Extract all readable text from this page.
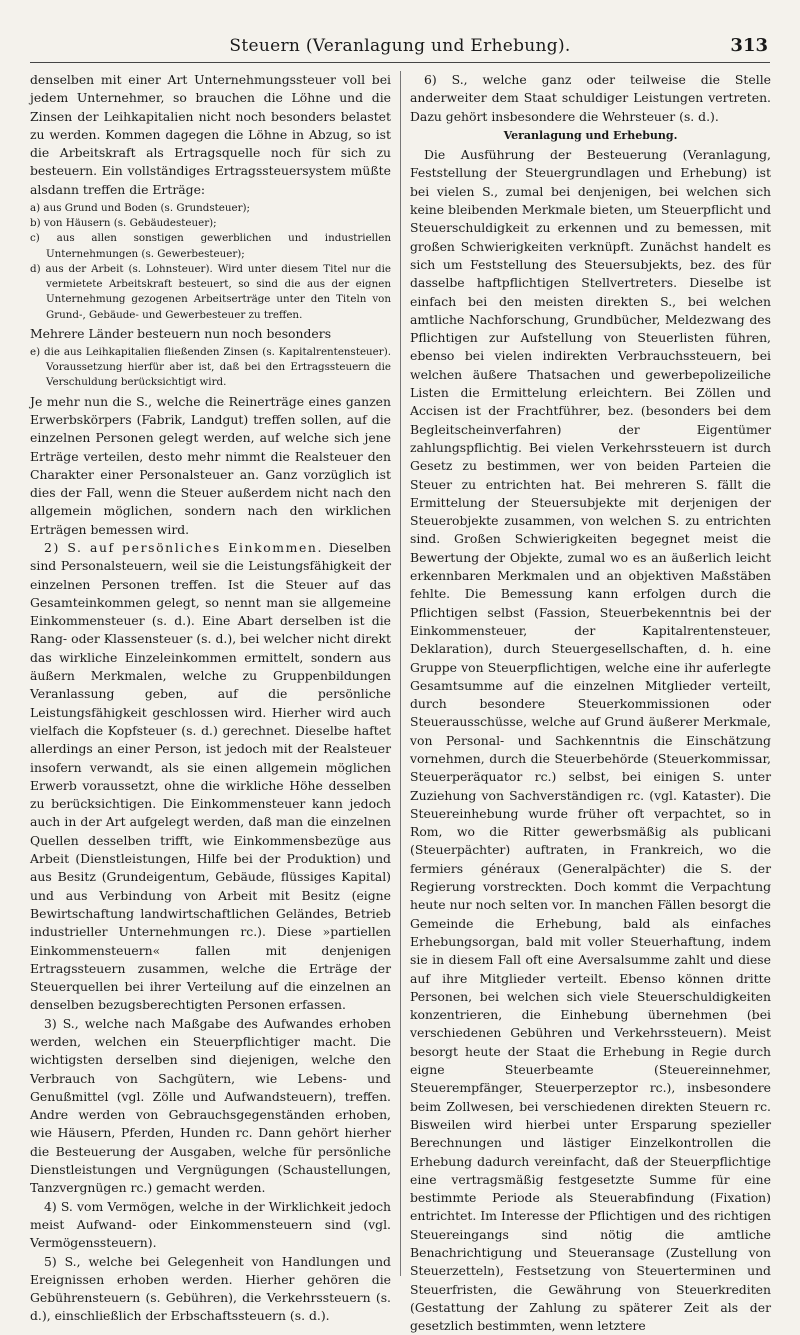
Steuern (Veranlagung und Erhebung).	313

denselben mit einer Art Unternehmungssteuer voll bei jedem Unternehmer, so brauchen die Löhne und die Zinsen der Leihkapitalien nicht noch besonders belastet zu werden. Kommen dagegen die Löhne in Abzug, so ist die Arbeitskraft als Ertragsquelle noch für sich zu besteuern. Ein vollständiges Ertragssteuersystem müßte alsdann treffen die Erträge:

a) aus Grund und Boden (s. Grundsteuer);
b) von Häusern (s. Gebäudesteuer);
c) aus allen sonstigen gewerblichen und industriellen Unternehmungen (s. Gewerbesteuer);
d) aus der Arbeit (s. Lohnsteuer). Wird unter diesem Titel nur die vermietete Arbeitskraft besteuert, so sind die aus der eignen Unternehmung gezogenen Arbeitserträge unter den Titeln von Grund-, Gebäude- und Gewerbesteuer zu treffen.

Mehrere Länder besteuern nun noch besonders

e) die aus Leihkapitalien fließenden Zinsen (s. Kapitalrentensteuer). Voraussetzung hierfür aber ist, daß bei den Ertragssteuern die Verschuldung berücksichtigt wird.

Je mehr nun die S., welche die Reinerträge eines ganzen Erwerbskörpers (Fabrik, Landgut) treffen sollen, auf die einzelnen Personen gelegt werden, auf welche sich jene Erträge verteilen, desto mehr nimmt die Realsteuer den Charakter einer Personalsteuer an. Ganz vorzüglich ist dies der Fall, wenn die Steuer außerdem nicht nach den allgemein möglichen, sondern nach den wirklichen Erträgen bemessen wird.

2) S. auf persönliches Einkommen. Dieselben sind Personalsteuern, weil sie die Leistungsfähigkeit der einzelnen Personen treffen. Ist die Steuer auf das Gesamteinkommen gelegt, so nennt man sie allgemeine Einkommensteuer (s. d.). Eine Abart derselben ist die Rang- oder Klassensteuer (s. d.), bei welcher nicht direkt das wirkliche Einzeleinkommen ermittelt, sondern aus äußern Merkmalen, welche zu Gruppenbildungen Veranlassung geben, auf die persönliche Leistungsfähigkeit geschlossen wird. Hierher wird auch vielfach die Kopfsteuer (s. d.) gerechnet. Dieselbe haftet allerdings an einer Person, ist jedoch mit der Realsteuer insofern verwandt, als sie einen allgemein möglichen Erwerb voraussetzt, ohne die wirkliche Höhe desselben zu berücksichtigen. Die Einkommensteuer kann jedoch auch in der Art aufgelegt werden, daß man die einzelnen Quellen desselben trifft, wie Einkommensbezüge aus Arbeit (Dienstleistungen, Hilfe bei der Produktion) und aus Besitz (Grundeigentum, Gebäude, flüssiges Kapital) und aus Verbindung von Arbeit mit Besitz (eigne Bewirtschaftung landwirtschaftlichen Geländes, Betrieb industrieller Unternehmungen rc.). Diese »partiellen Einkommensteuern« fallen mit denjenigen Ertragssteuern zusammen, welche die Erträge der Steuerquellen bei ihrer Verteilung auf die einzelnen an denselben bezugsberechtigten Personen erfassen.

3) S., welche nach Maßgabe des Aufwandes erhoben werden, welchen ein Steuerpflichtiger macht. Die wichtigsten derselben sind diejenigen, welche den Verbrauch von Sachgütern, wie Lebens- und Genußmittel (vgl. Zölle und Aufwandsteuern), treffen. Andre werden von Gebrauchsgegenständen erhoben, wie Häusern, Pferden, Hunden rc. Dann gehört hierher die Besteuerung der Ausgaben, welche für persönliche Dienstleistungen und Vergnügungen (Schaustellungen, Tanzvergnügen rc.) gemacht werden.

4) S. vom Vermögen, welche in der Wirklichkeit jedoch meist Aufwand- oder Einkommensteuern sind (vgl. Vermögenssteuern).

5) S., welche bei Gelegenheit von Handlungen und Ereignissen erhoben werden. Hierher gehören die Gebührensteuern (s. Gebühren), die Verkehrssteuern (s. d.), einschließlich der Erbschaftssteuern (s. d.).

6) S., welche ganz oder teilweise die Stelle anderweiter dem Staat schuldiger Leistungen vertreten. Dazu gehört insbesondere die Wehrsteuer (s. d.).

Veranlagung und Erhebung.

Die Ausführung der Besteuerung (Veranlagung, Feststellung der Steuergrundlagen und Erhebung) ist bei vielen S., zumal bei denjenigen, bei welchen sich keine bleibenden Merkmale bieten, um Steuerpflicht und Steuerschuldigkeit zu erkennen und zu bemessen, mit großen Schwierigkeiten verknüpft. Zunächst handelt es sich um Feststellung des Steuersubjekts, bez. des für dasselbe haftpflichtigen Stellvertreters. Dieselbe ist einfach bei den meisten direkten S., bei welchen amtliche Nachforschung, Grundbücher, Meldezwang des Pflichtigen zur Aufstellung von Steuerlisten führen, ebenso bei vielen indirekten Verbrauchssteuern, bei welchen äußere Thatsachen und gewerbepolizeiliche Listen die Ermittelung erleichtern. Bei Zöllen und Accisen ist der Frachtführer, bez. (besonders bei dem Begleitscheinverfahren) der Eigentümer zahlungspflichtig. Bei vielen Verkehrssteuern ist durch Gesetz zu bestimmen, wer von beiden Parteien die Steuer zu entrichten hat. Bei mehreren S. fällt die Ermittelung der Steuersubjekte mit derjenigen der Steuerobjekte zusammen, von welchen S. zu entrichten sind. Großen Schwierigkeiten begegnet meist die Bewertung der Objekte, zumal wo es an äußerlich leicht erkennbaren Merkmalen und an objektiven Maßstäben fehlte. Die Bemessung kann erfolgen durch die Pflichtigen selbst (Fassion, Steuerbekenntnis bei der Einkommensteuer, der Kapitalrentensteuer, Deklaration), durch Steuergesellschaften, d. h. eine Gruppe von Steuerpflichtigen, welche eine ihr auferlegte Gesamtsumme auf die einzelnen Mitglieder verteilt, durch besondere Steuerkommissionen oder Steuerausschüsse, welche auf Grund äußerer Merkmale, von Personal- und Sachkenntnis die Einschätzung vornehmen, durch die Steuerbehörde (Steuerkommissar, Steuerperäquator rc.) selbst, bei einigen S. unter Zuziehung von Sachverständigen rc. (vgl. Kataster). Die Steuereinhebung wurde früher oft verpachtet, so in Rom, wo die Ritter gewerbsmäßig als publicani (Steuerpächter) auftraten, in Frankreich, wo die fermiers généraux (Generalpächter) die S. der Regierung vorstreckten. Doch kommt die Verpachtung heute nur noch selten vor. In manchen Fällen besorgt die Gemeinde die Erhebung, bald als einfaches Erhebungsorgan, bald mit voller Steuerhaftung, indem sie in diesem Fall oft eine Aversalsumme zahlt und diese auf ihre Mitglieder verteilt. Ebenso können dritte Personen, bei welchen sich viele Steuerschuldigkeiten konzentrieren, die Einhebung übernehmen (bei verschiedenen Gebühren und Verkehrssteuern). Meist besorgt heute der Staat die Erhebung in Regie durch eigne Steuerbeamte (Steuereinnehmer, Steuerempfänger, Steuerperzeptor rc.), insbesondere beim Zollwesen, bei verschiedenen direkten Steuern rc. Bisweilen wird hierbei unter Ersparung spezieller Berechnungen und lästiger Einzelkontrollen die Erhebung dadurch vereinfacht, daß der Steuerpflichtige eine vertragsmäßig festgesetzte Summe für eine bestimmte Periode als Steuerabfindung (Fixation) entrichtet. Im Interesse der Pflichtigen und des richtigen Steuereingangs sind nötig die amtliche Benachrichtigung und Steueransage (Zustellung von Steuerzetteln), Festsetzung von Steuerterminen und Steuerfristen, die Gewährung von Steuerkrediten (Gestattung der Zahlung zu späterer Zeit als der gesetzlich bestimmten, wenn letztere
